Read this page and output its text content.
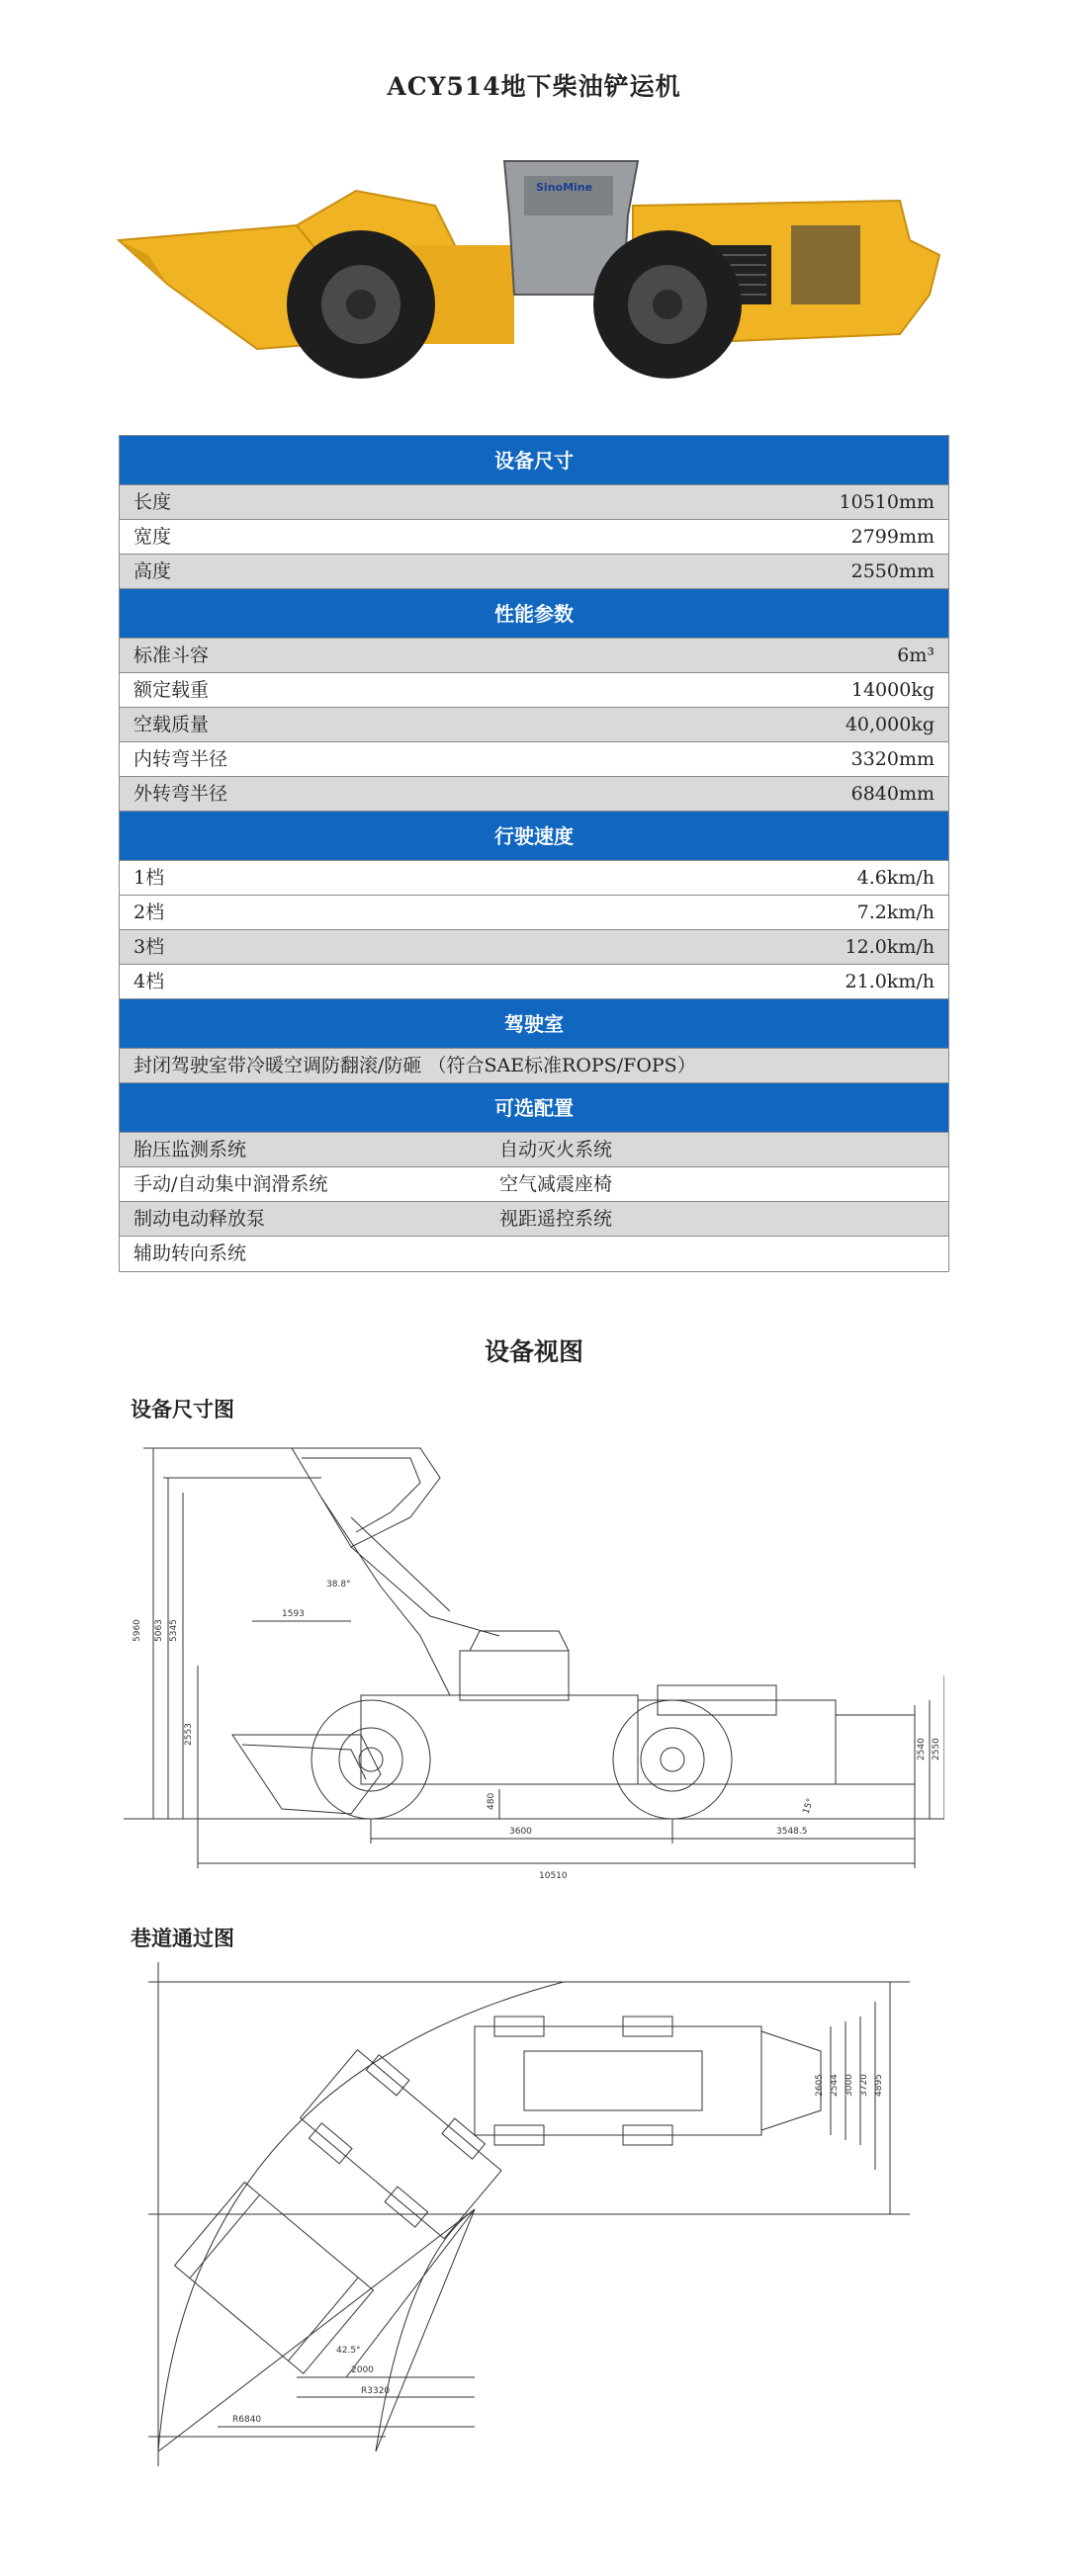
ACY514地下柴油铲运机
SinoMine
设备尺寸
长度	10510mm
宽度	2799mm
高度	2550mm
性能参数
标准斗容	6m³
额定载重	14000kg
空载质量	40,000kg
内转弯半径	3320mm
外转弯半径	6840mm
行驶速度
1档	4.6km/h
2档	7.2km/h
3档	12.0km/h
4档	21.0km/h
驾驶室
封闭驾驶室带冷暖空调防翻滚/防砸 （符合SAE标准ROPS/FOPS）
可选配置
胎压监测系统	自动灭火系统
手动/自动集中润滑系统	空气减震座椅
制动电动释放泵	视距遥控系统
辅助转向系统
设备视图
设备尺寸图
巷道通过图
5960 5063 5345
2553
1593
38.8°
480
3600	3548.5
10510
2550
2540
15°
2605 2544 3000 3720 4895
42.5°
2000
R3320
R6840
